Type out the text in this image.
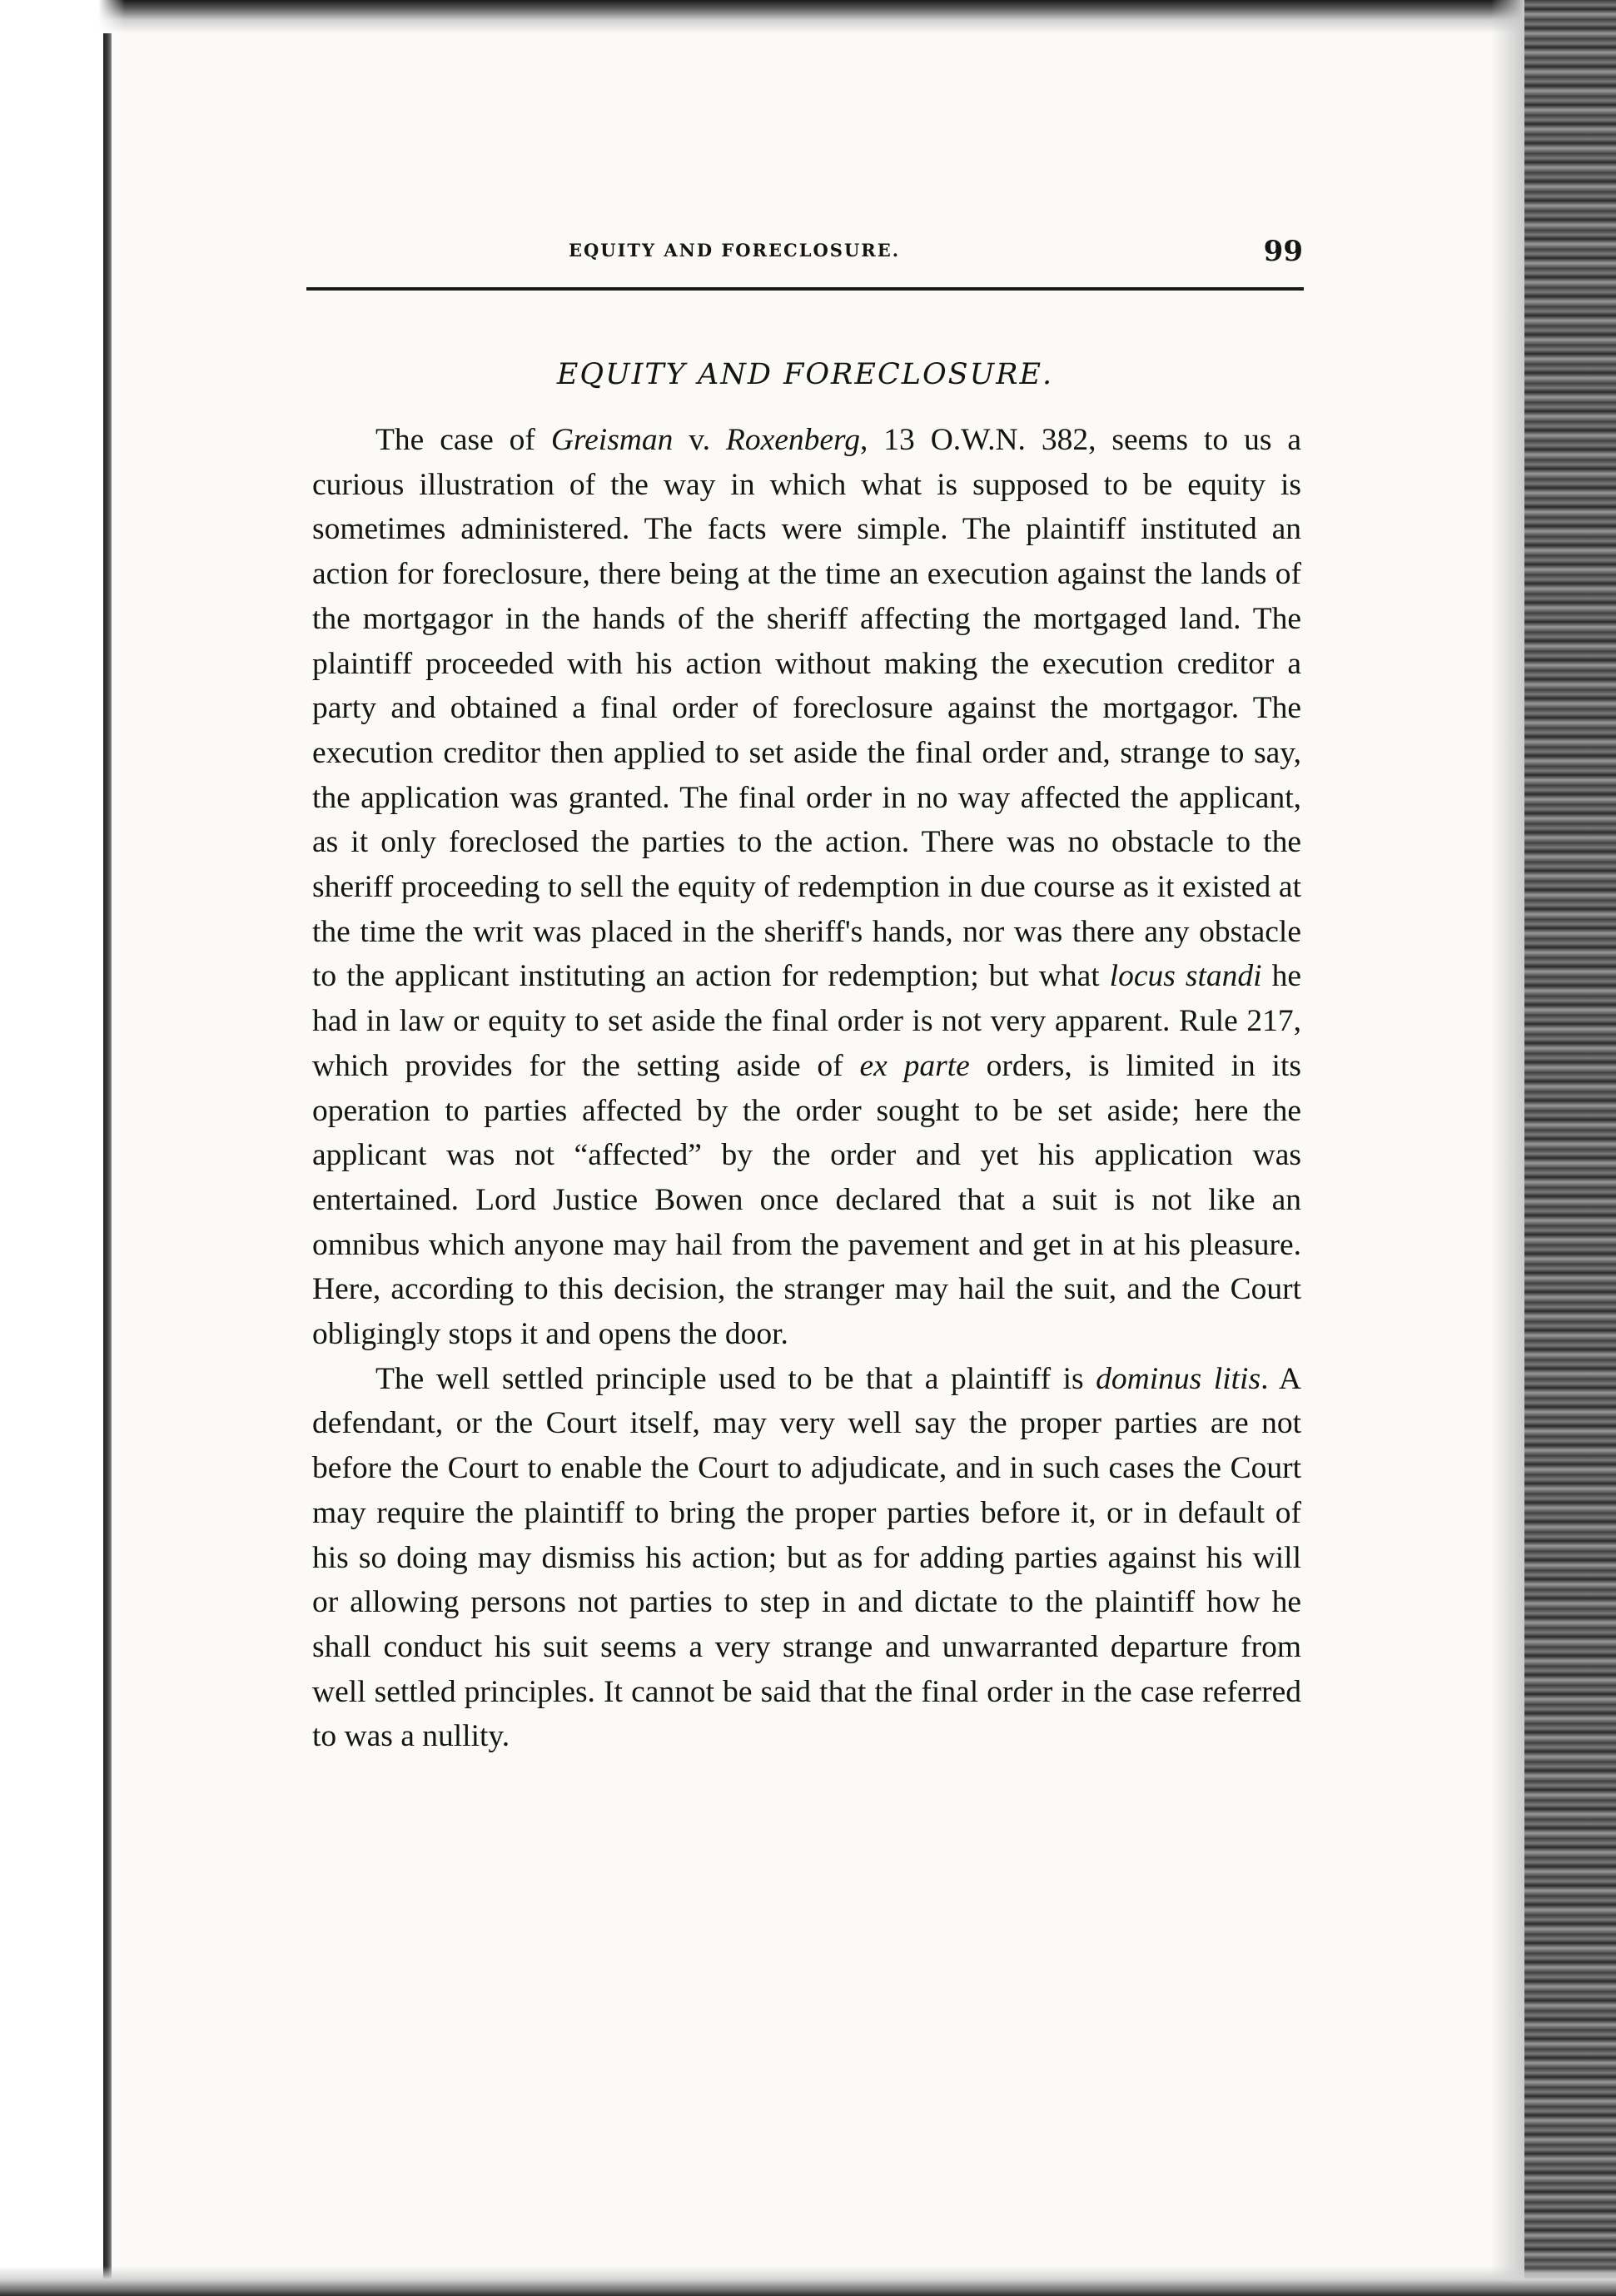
EQUITY AND FORECLOSURE.	99
EQUITY AND FORECLOSURE.

The case of Greisman v. Roxenberg, 13 O.W.N. 382, seems to us a curious illustration of the way in which what is supposed to be equity is sometimes administered. The facts were simple. The plaintiff instituted an action for foreclosure, there being at the time an execution against the lands of the mortgagor in the hands of the sheriff affecting the mortgaged land. The plaintiff proceeded with his action without making the execution creditor a party and obtained a final order of foreclosure against the mortgagor. The execution creditor then applied to set aside the final order and, strange to say, the application was granted. The final order in no way affected the applicant, as it only foreclosed the parties to the action. There was no obstacle to the sheriff proceeding to sell the equity of redemption in due course as it existed at the time the writ was placed in the sheriff's hands, nor was there any obstacle to the applicant instituting an action for redemption; but what locus standi he had in law or equity to set aside the final order is not very apparent. Rule 217, which provides for the setting aside of ex parte orders, is limited in its operation to parties affected by the order sought to be set aside; here the applicant was not “affected” by the order and yet his application was entertained. Lord Justice Bowen once declared that a suit is not like an omnibus which anyone may hail from the pavement and get in at his pleasure. Here, according to this decision, the stranger may hail the suit, and the Court obligingly stops it and opens the door.

The well settled principle used to be that a plaintiff is dominus litis. A defendant, or the Court itself, may very well say the proper parties are not before the Court to enable the Court to adjudicate, and in such cases the Court may require the plaintiff to bring the proper parties before it, or in default of his so doing may dismiss his action; but as for adding parties against his will or allowing persons not parties to step in and dictate to the plaintiff how he shall conduct his suit seems a very strange and unwarranted departure from well settled principles. It cannot be said that the final order in the case referred to was a nullity.
